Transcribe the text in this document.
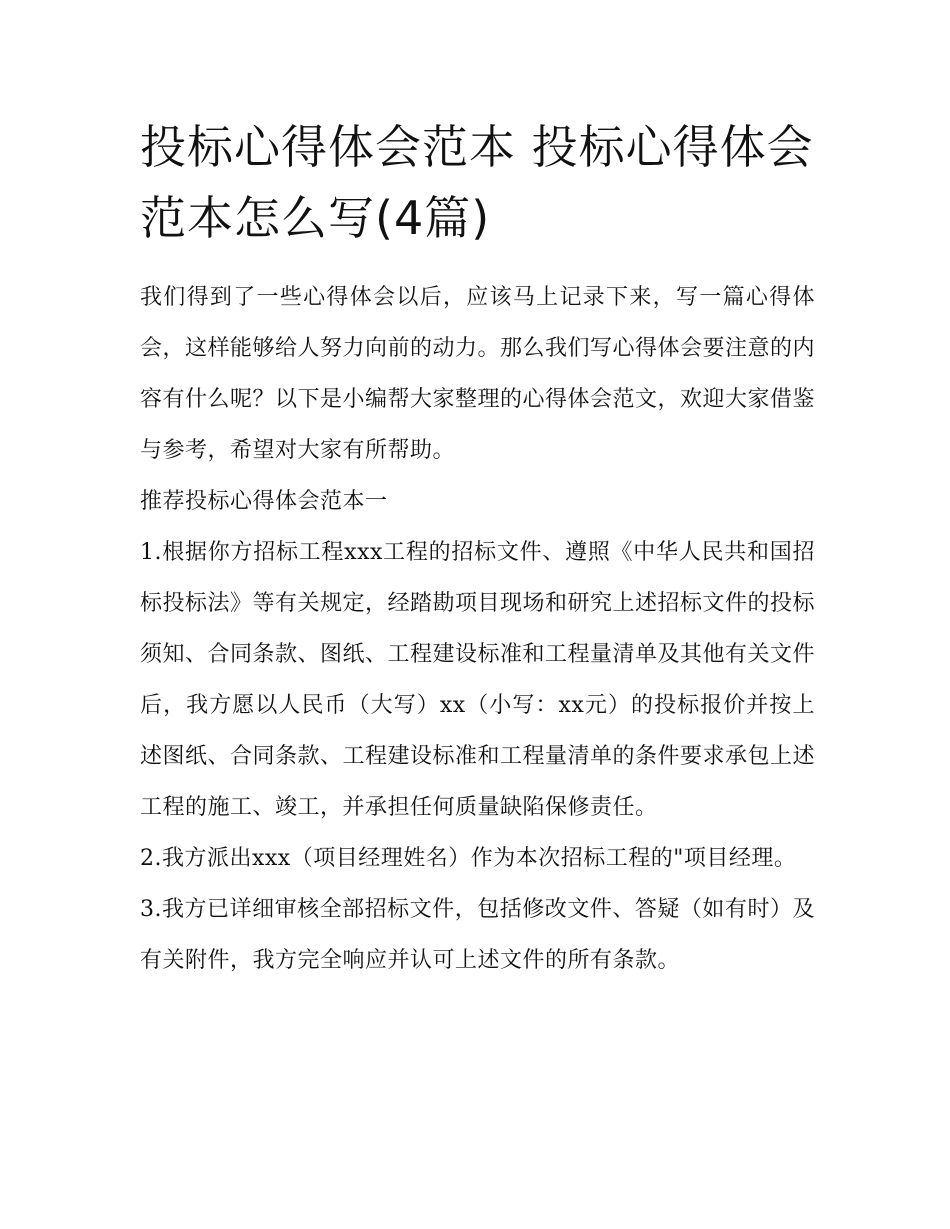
投标心得体会范本 投标心得体会范本怎么写(4篇)

我们得到了一些心得体会以后，应该马上记录下来，写一篇心得体会，这样能够给人努力向前的动力。那么我们写心得体会要注意的内容有什么呢？以下是小编帮大家整理的心得体会范文，欢迎大家借鉴与参考，希望对大家有所帮助。

推荐投标心得体会范本一

1.根据你方招标工程xxx工程的招标文件、遵照《中华人民共和国招标投标法》等有关规定，经踏勘项目现场和研究上述招标文件的投标须知、合同条款、图纸、工程建设标准和工程量清单及其他有关文件后，我方愿以人民币（大写）xx（小写：xx元）的投标报价并按上述图纸、合同条款、工程建设标准和工程量清单的条件要求承包上述工程的施工、竣工，并承担任何质量缺陷保修责任。

2.我方派出xxx（项目经理姓名）作为本次招标工程的"项目经理。

3.我方已详细审核全部招标文件，包括修改文件、答疑（如有时）及有关附件，我方完全响应并认可上述文件的所有条款。
